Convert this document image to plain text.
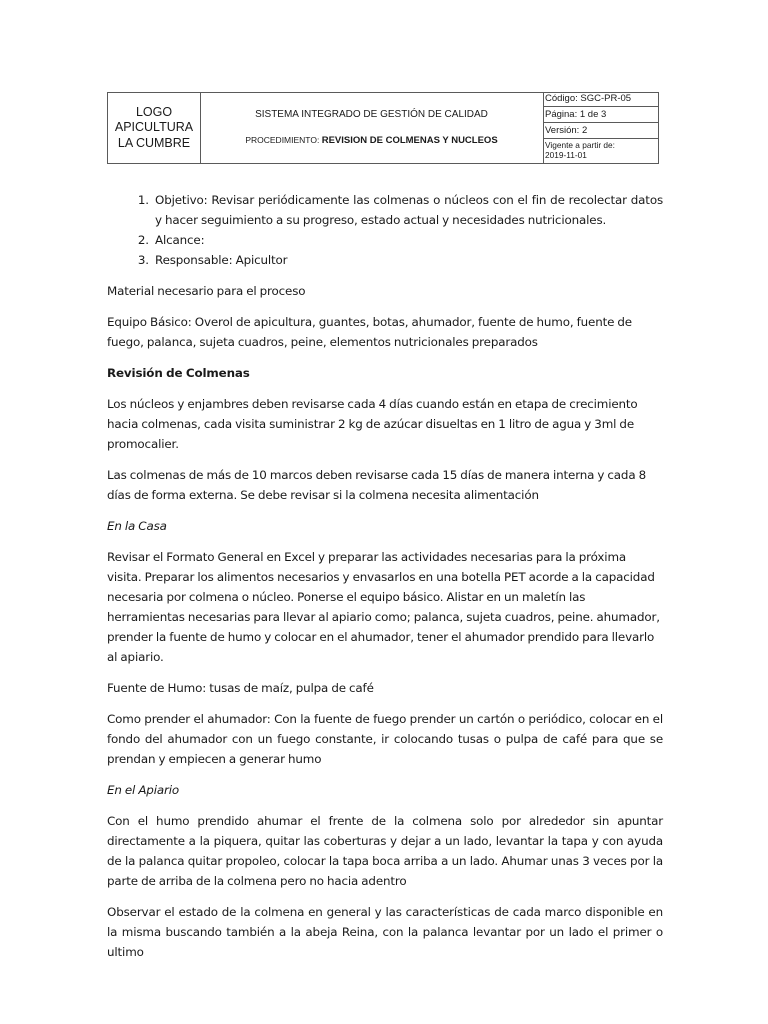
LOGO
APICULTURA
LA CUMBRE
SISTEMA INTEGRADO DE GESTIÓN DE CALIDAD
PROCEDIMIENTO: REVISION DE COLMENAS Y NUCLEOS
Código: SGC-PR-05
Página: 1 de 3
Versión: 2
Vigente a partir de:
2019-11-01
1. Objetivo: Revisar periódicamente las colmenas o núcleos con el fin de recolectar datos y hacer seguimiento a su progreso, estado actual y necesidades nutricionales.
2. Alcance:
3. Responsable: Apicultor

Material necesario para el proceso

Equipo Básico: Overol de apicultura, guantes, botas, ahumador, fuente de humo, fuente de fuego, palanca, sujeta cuadros, peine, elementos nutricionales preparados

Revisión de Colmenas

Los núcleos y enjambres deben revisarse cada 4 días cuando están en etapa de crecimiento hacia colmenas, cada visita suministrar 2 kg de azúcar disueltas en 1 litro de agua y 3ml de promocalier.

Las colmenas de más de 10 marcos deben revisarse cada 15 días de manera interna y cada 8 días de forma externa. Se debe revisar si la colmena necesita alimentación

En la Casa

Revisar el Formato General en Excel y preparar las actividades necesarias para la próxima visita. Preparar los alimentos necesarios y envasarlos en una botella PET acorde a la capacidad necesaria por colmena o núcleo. Ponerse el equipo básico. Alistar en un maletín las herramientas necesarias para llevar al apiario como; palanca, sujeta cuadros, peine. ahumador, prender la fuente de humo y colocar en el ahumador, tener el ahumador prendido para llevarlo al apiario.

Fuente de Humo: tusas de maíz, pulpa de café

Como prender el ahumador: Con la fuente de fuego prender un cartón o periódico, colocar en el fondo del ahumador con un fuego constante, ir colocando tusas o pulpa de café para que se prendan y empiecen a generar humo

En el Apiario

Con el humo prendido ahumar el frente de la colmena solo por alrededor sin apuntar directamente a la piquera, quitar las coberturas y dejar a un lado, levantar la tapa y con ayuda de la palanca quitar propoleo, colocar la tapa boca arriba a un lado. Ahumar unas 3 veces por la parte de arriba de la colmena pero no hacia adentro

Observar el estado de la colmena en general y las características de cada marco disponible en la misma buscando también a la abeja Reina, con la palanca levantar por un lado el primer o ultimo
